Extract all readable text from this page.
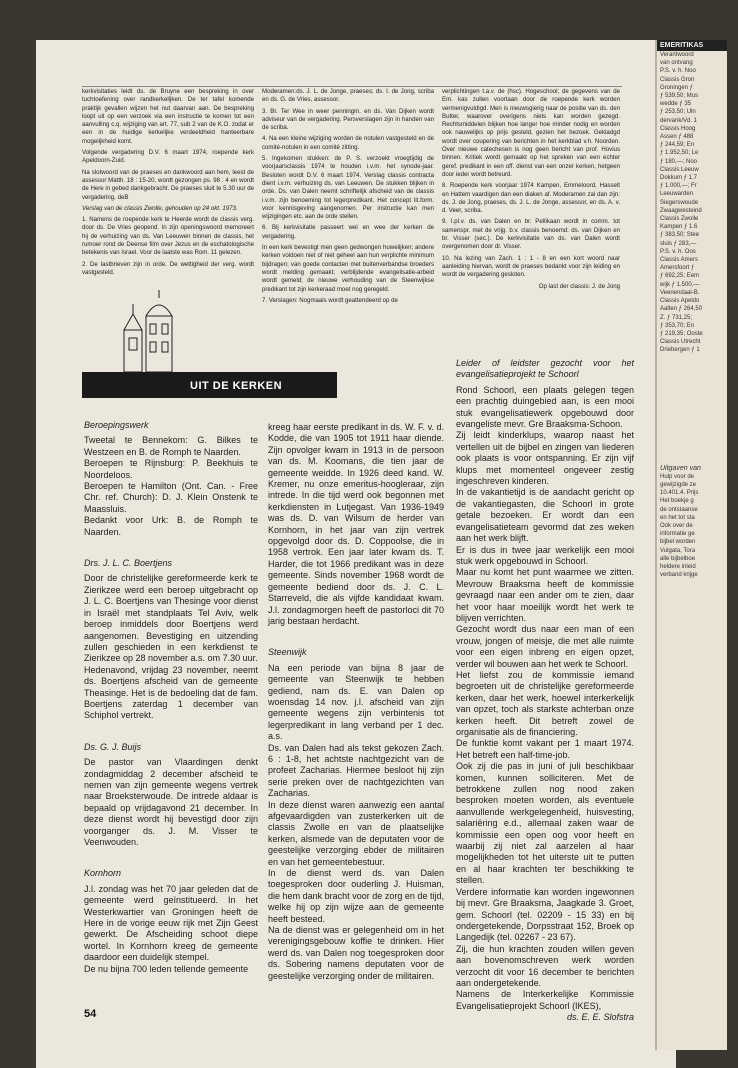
EMERITIKAS
Verantwoord
van ontvang
P.S. v. h. Noo
Classis Gron
Groningen ƒ
ƒ 539,50; Mus
wedde ƒ 35
ƒ 253,50; Uln
dervank/Vd. 1
Classis Hoog
Assen ƒ 488
ƒ 244,59; En
ƒ 1.952,50; Le
ƒ 180,—; Noo
Classis Leeuw
Dokkum ƒ 1.7
ƒ 1.000,—; Fr
Leeuwarden
Siegerswoude
Zwaagwesteind
Classis Zwolle
Kampen ƒ 1.6
ƒ 383,50; Stee
sluis ƒ 283,—
P.S. v. h. Oos
Classis Amers
Amersfoort ƒ
ƒ 692,25; Eem
wijk ƒ 1.500,—
Veenendaal-B.
Classis Apeldo
Aalten ƒ 264,50
Z. ƒ 731,25;
ƒ 353,70; En
ƒ 219,35; Ooste
Classis Utrecht
Driebergen ƒ 1
Uitgaven van
Hulp voor de
gewijzigde ze
10.401.4. Prijs
Het boekje g
de ontstaanse
en het tot sta
Ook over de
informatie ge
bijbel worden
Vulgata, Tora
alle bijbelboe
heldere inleid
verband krijge

kerkvisitaties leidt ds. de Bruyne een bespreking in over tuchtoefening over randkerkelijken. De ter tafel komende praktijk gevallen wijzen het nut daarvan aan. De bespreking loopt uit op een verzoek via een instructie te komen tot een aanvulling c.q. wijziging van art. 77, sub 2 van de K.O. zodat er een in de huidige kerkelijke verdeeldheid hanteerbare mogelijkheid komt.

Volgende vergadering D.V. 6 maart 1974, roepende kerk Apeldoorn-Zuid.

Na slotwoord van de praeses en dankwoord aan hem, leest de assessor Matth. 18 : 15-20, wordt gezongen ps. 98 : 4 en wordt de Here in gebed dankgebracht. De praeses sluit te 5.30 uur de vergadering. deB

Verslag van de classis Zwolle, gehouden op 24 okt. 1973.

1. Namens de roepende kerk te Heerde wordt de classis verg. door ds. De Vries geopend. In zijn openingswoord memoreert hij de verhuizing van ds. Van Leeuwen binnen de classis, het rumoer rond de Deense film over Jezus en de eschatologische betekenis van Israel. Voor de laatste was Rom. 11 gelezen.

2. De lastbrieven zijn in orde. De wettigheid der verg. wordt vastgesteld.

Moderamen:ds. J. L. de Jonge, praeses; ds. I. de Jong, scriba en ds. G. de Vries, assessor.

3. Br. Ter Wee in weer penningm. en ds. Van Dijken wordt adviseur van de vergadering. Persverslagen zijn in handen van de scriba.

4. Na een kleine wijziging worden de notulen vastgesteld en de comité-notulen in een comité zitting.

5. Ingekomen stukken: de P. S. verzoekt vroegtijdig de voorjaarsclassis 1974 te houden i.v.m. het synode-jaar. Besloten wordt D.V. 6 maart 1974. Verslag classis contracta dient i.v.m. verhuizing ds. van Leeuwen. De stukken blijken in orde. Ds. van Dalen neemt schriftelijk afscheid van de classis i.v.m. zijn benoeming tot legerpredikant. Het concept lit.form. voor kennisgeving aangenomen. Per instructie kan men wijzigingen etc. aan de orde stellen.

6. Bij kerkvisitatie passeert wel en wee der kerken de vergadering.

In een kerk bevestigt men geen gedwongen huwelijken; andere kerken voldoen niet of niet geheel aan hun verplichte minimum bijdragen; van goede contacten met buitenverbandse broeders wordt melding gemaakt; verblijdende evangelisatie-arbeid wordt gemeld; de nieuwe verhouding van de Steenwijkse predikant tot zijn kerkeraad moet nog geregeld.

7. Verslagen: Nogmaals wordt geattendeerd op de

verplichtingen t.a.v. de (hsc). Hogeschool; de gegevens van de Em. kas zullen voortaan door de roepende kerk worden vermenigvuldigd. Men is nieuwsgierig naar de positie van ds. den Butter, waarover overigens niets kan worden gezegd. Rechtsmiddelen blijken hoe langer hoe minder nodig en worden ook nauwelijks op prijs gesteld, gezien het bezoek. Gekladgd wordt over coupering van berichten in het kerkblad v.h. Noorden. Over nieuwe catechesen is nog geen bericht van prof. Hovius binnen. Kritiek wordt gemaakt op het spreken van een echter geref. predikant in een off. dienst van een onzer kerken, hetgeen door ieder wordt betreurd.

8. Roepende kerk voorjaar 1974 Kampen, Emmeloord, Hasselt en Hattem vaardigen dan een diaken af. Moderamen zal dan zijn: ds. J. de Jong, praeses, ds. J. L. de Jonge, assessor, en ds. A. v. d. Veer, scriba.

9. I.pl.v. ds. van Dalen en br. Pellikaan wordt in comm. tot samenspr. met de vrijg. b.v. classis benoemd: ds. van Dijken en br. Visser (sec.). De kerkvisitatie van ds. van Dalen wordt overgenomen door dr. Visser.

10. Na lezing van Zach. 1 : 1 - 8 en een kort woord naar aanleiding hiervan, wordt de praeses bedankt voor zijn leiding en wordt de vergadering gesloten.

Op last der classis: J. de Jong

UIT DE KERKEN
Beroepingswerk

Tweetal te Bennekom: G. Bilkes te Westzeen en B. de Romph te Naarden.

Beroepen te Rijnsburg: P. Beekhuis te Noordeloos.

Beroepen te Hamilton (Ont. Can. - Free Chr. ref. Church): D. J. Klein Onstenk te Maassluis.

Bedankt voor Urk: B. de Romph te Naarden.

Drs. J. L. C. Boertjens

Door de christelijke gereformeerde kerk te Zierikzee werd een beroep uitgebracht op J. L. C. Boertjens van Thesinge voor dienst in Israël met standplaats Tel Aviv, welk beroep inmiddels door Boertjens werd aangenomen. Bevestiging en uitzending zullen geschieden in een kerkdienst te Zierikzee op 28 november a.s. om 7.30 uur.

Hedenavond, vrijdag 23 november, neemt ds. Boertjens afscheid van de gemeente Theasinge. Het is de bedoeling dat de fam. Boertjens zaterdag 1 december van Schiphol vertrekt.

Ds. G. J. Buijs

De pastor van Vlaardingen denkt zondagmiddag 2 december afscheid te nemen van zijn gemeente wegens vertrek naar Broeksterwoude. De intrede aldaar is bepaald op vrijdagavond 21 december. In deze dienst wordt hij bevestigd door zijn voorganger ds. J. M. Visser te Veenwouden.

Kornhorn

J.l. zondag was het 70 jaar geleden dat de gemeente werd geïnstitueerd. In het Westerkwartier van Groningen heeft de Here in de vorige eeuw rijk met Zijn Geest gewerkt. De Afscheiding schoot diepe wortel. In Kornhorn kreeg de gemeente daardoor een duidelijk stempel.

De nu bijna 700 leden tellende gemeente

kreeg haar eerste predikant in ds. W. F. v. d. Kodde, die van 1905 tot 1911 haar diende. Zijn opvolger kwam in 1913 in de persoon van ds. M. Koomans, die tien jaar de gemeente weidde. In 1926 deed kand. W. Kremer, nu onze emeritus-hoogleraar, zijn intrede. In die tijd werd ook begonnen met kerkdiensten in Lutjegast. Van 1936-1949 was ds. D. van Wilsum de herder van Kornhorn, in het jaar van zijn vertrek opgevolgd door ds. D. Coppoolse, die in 1958 vertrok. Een jaar later kwam ds. T. Harder, die tot 1966 predikant was in deze gemeente. Sinds november 1968 wordt de gemeente bediend door ds. J. C. L. Starreveld, die als vijfde kandidaat kwam. J.l. zondagmorgen heeft de pastorloci dit 70 jarig bestaan herdacht.

Steenwijk

Na een periode van bijna 8 jaar de gemeente van Steenwijk te hebben gediend, nam ds. E. van Dalen op woensdag 14 nov. j.l. afscheid van zijn gemeente wegens zijn verbintenis tot legerpredikant in lang verband per 1 dec. a.s.

Ds. van Dalen had als tekst gekozen Zach. 6 : 1-8, het achtste nachtgezicht van de profeet Zacharias. Hiermee besloot hij zijn serie preken over de nachtgezichten van Zacharias.

In deze dienst waren aanwezig een aantal afgevaardigden van zusterkerken uit de classis Zwolle en van de plaatselijke kerken, alsmede van de deputaten voor de geestelijke verzorging ebder de militairen en van het gemeentebestuur.

In de dienst werd ds. van Dalen toegesproken door ouderling J. Huisman, die hem dank bracht voor de zorg en de tijd, welke hij op zijn wijze aan de gemeente heeft besteed.

Na de dienst was er gelegenheid om in het verenigingsgebouw koffie te drinken. Hier werd ds. van Dalen nog toegesproken door ds. Sobering namens deputaten voor de geestelijke verzorging onder de militairen.

Leider of leidster gezocht voor het evangelisatieprojekt te Schoorl

Rond Schoorl, een plaats gelegen tegen een prachtig duingebied aan, is een mooi stuk evangelisatiewerk opgebouwd door evangeliste mevr. Gre Braaksma-Schoon.

Zij leidt kinderklups, waarop naast het vertellen uit de bijbel en zingen van liederen ook plaats is voor ontspanning. Er zijn vijf klups met momenteel ongeveer zestig ingeschreven kinderen.

In de vakantietijd is de aandacht gericht op de vakantiegasten, die Schoorl in grote getale bezoeken. Er wordt dan een evangelisatieteam gevormd dat zes weken aan het werk blijft.

Er is dus in twee jaar werkelijk een mooi stuk werk opgebouwd in Schoorl.

Maar nu komt het punt waarmee we zitten. Mevrouw Braaksma heeft de kommissie gevraagd naar een ander om te zien, daar het voor haar moeilijk wordt het werk te blijven verrichten.

Gezocht wordt dus naar een man of een vrouw, jongen of meisje, die met alle ruimte voor een eigen inbreng en eigen opzet, verder wil bouwen aan het werk te Schoorl.

Het liefst zou de kommissie iemand begroeten uit de christelijke gereformeerde kerken, daar het werk, hoewel interkerkelijk van opzet, toch als starkste achterban onze kerken heeft. Dit betreft zowel de organisatie als de financiering.

De funktie komt vakant per 1 maart 1974. Het betreft een half-time-job.

Ook zij die pas in juni of juli beschikbaar komen, kunnen solliciteren. Met de betrokkene zullen nog nood zaken besproken moeten worden, als eventuele aanvullende werkgelegenheid, huisvesting, salariëring e.d., allemaal zaken waar de kommissie een open oog voor heeft en waarbij zij niet zal aarzelen al haar mogelijkheden tot het uiterste uit te putten en al haar krachten ter beschikking te stellen.

Verdere informatie kan worden ingewonnen bij mevr. Gre Braaksma, Jaagkade 3. Groet, gem. Schoorl (tel. 02209 - 15 33) en bij ondergetekende, Dorpsstraat 152, Broek op Langedijk (tel. 02267 - 23 67).

Zij, die hun krachten zouden willen geven aan bovenomschreven werk worden verzocht dit voor 16 december te berichten aan ondergetekende.

Namens de Interkerkelijke Kommissie Evangelisatieprojekt Schoorl (IKES),

ds. E. E. Slofstra

54
